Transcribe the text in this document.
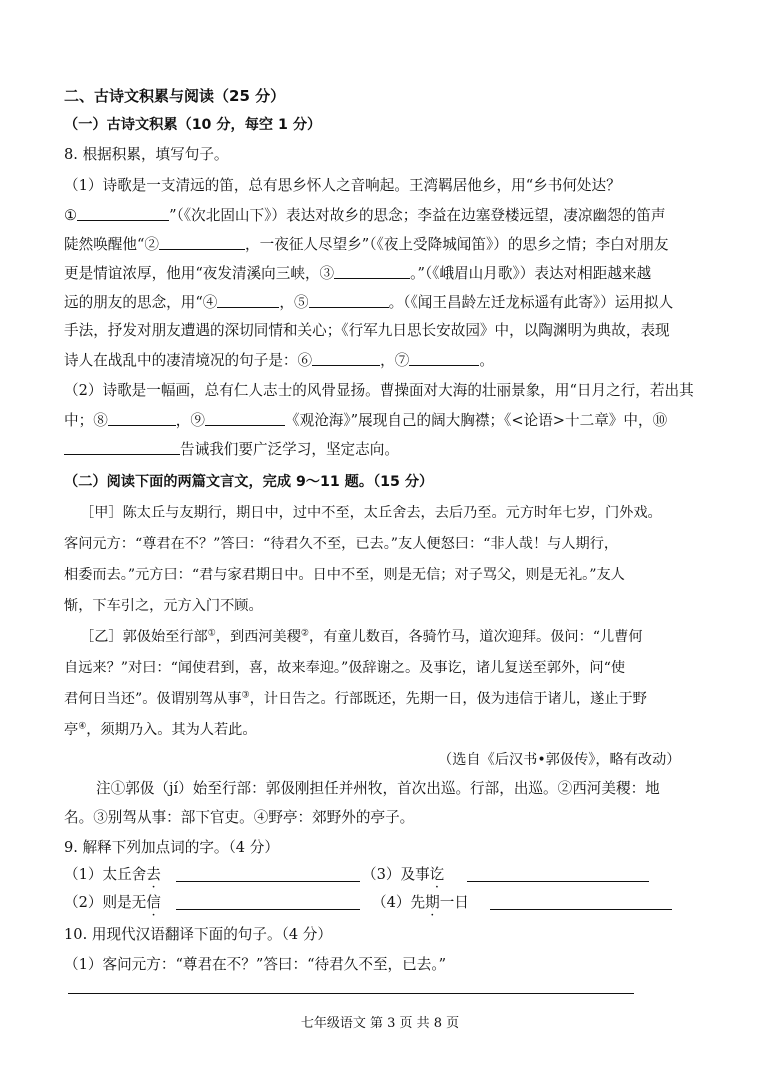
二、古诗文积累与阅读（25 分）
（一）古诗文积累（10 分，每空 1 分）
8. 根据积累，填写句子。
（1）诗歌是一支清远的笛，总有思乡怀人之音响起。王湾羁居他乡，用“乡书何处达？
①	”（《次北固山下》）表达对故乡的思念；李益在边塞登楼远望，凄凉幽怨的笛声
陡然唤醒他“②	，一夜征人尽望乡”（《夜上受降城闻笛》）的思乡之情；李白对朋友
更是情谊浓厚，他用“夜发清溪向三峡，③	。”（《峨眉山月歌》）表达对相距越来越
远的朋友的思念，用“④	，⑤	。（《闻王昌龄左迁龙标遥有此寄》）运用拟人
手法，抒发对朋友遭遇的深切同情和关心；《行军九日思长安故园》中，以陶渊明为典故，表现
诗人在战乱中的凄清境况的句子是：⑥	，⑦	。
（2）诗歌是一幅画，总有仁人志士的风骨显扬。曹操面对大海的壮丽景象，用“日月之行，若出其
中；⑧	，⑨	《观沧海》”展现自己的阔大胸襟；《<论语>十二章》中，⑩
告诫我们要广泛学习，坚定志向。
（二）阅读下面的两篇文言文，完成 9～11 题。（15 分）
［甲］陈太丘与友期行，期日中，过中不至，太丘舍去，去后乃至。元方时年七岁，门外戏。
客问元方：“尊君在不？”答曰：“待君久不至，已去。”友人便怒曰：“非人哉！与人期行，
相委而去。”元方曰：“君与家君期日中。日中不至，则是无信；对子骂父，则是无礼。”友人
惭，下车引之，元方入门不顾。
［乙］郭伋始至行部①，到西河美稷②，有童儿数百，各骑竹马，道次迎拜。伋问：“儿曹何
自远来？”对曰：“闻使君到，喜，故来奉迎。”伋辞谢之。及事讫，诸儿复送至郭外，问“使
君何日当还”。伋谓别驾从事③，计日告之。行部既还，先期一日，伋为违信于诸儿，遂止于野
亭④，须期乃入。其为人若此。
（选自《后汉书•郭伋传》，略有改动）
注①郭伋（jí）始至行部：郭伋刚担任并州牧，首次出巡。行部，出巡。②西河美稷：地
名。③别驾从事：部下官吏。④野亭：郊野外的亭子。
9. 解释下列加点词的字。（4 分）
（1）太丘舍去	（3）及事讫
（2）则是无信	（4）先期一日
10. 用现代汉语翻译下面的句子。（4 分）
（1）客问元方：“尊君在不？”答曰：“待君久不至，已去。”
七年级语文 第 3 页 共 8 页
